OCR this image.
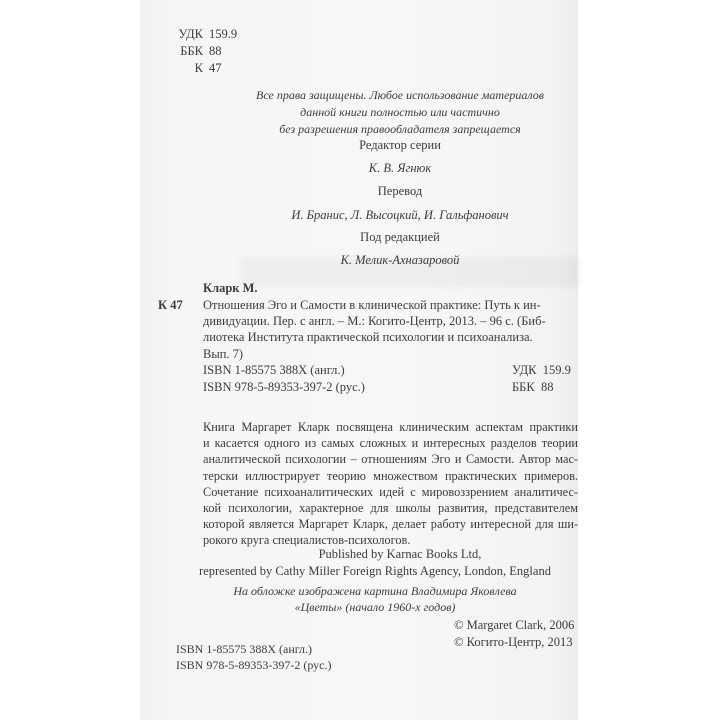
УДК 159.9
ББК 88
К 47
Все права защищены. Любое использование материалов
данной книги полностью или частично
без разрешения правообладателя запрещается
Редактор серии
К. В. Ягнюк
Перевод
И. Бранис, Л. Высоцкий, И. Гальфанович
Под редакцией
К. Мелик-Ахназаровой
Кларк М.
К 47 Отношения Эго и Самости в клинической практике: Путь к ин-
дивидуации. Пер. с англ. – М.: Когито-Центр, 2013. – 96 с. (Биб-
лиотека Института практической психологии и психоанализа.
Вып. 7)
ISBN 1-85575 388X (англ.)
ISBN 978-5-89353-397-2 (рус.)
УДК  159.9
ББК  88
Книга Маргарет Кларк посвящена клиническим аспектам практики
и касается одного из самых сложных и интересных разделов теории
аналитической психологии – отношениям Эго и Самости. Автор мас-
терски иллюстрирует теорию множеством практических примеров.
Сочетание психоаналитических идей с мировоззрением аналитичес-
кой психологии, характерное для школы развития, представителем
которой является Маргарет Кларк, делает работу интересной для ши-
рокого круга специалистов-психологов.
Published by Karnac Books Ltd,
represented by Cathy Miller Foreign Rights Agency, London, England
На обложке изображена картина Владимира Яковлева
«Цветы» (начало 1960-х годов)
© Margaret Clark, 2006
© Когито-Центр, 2013
ISBN 1-85575 388X (англ.)
ISBN 978-5-89353-397-2 (рус.)
